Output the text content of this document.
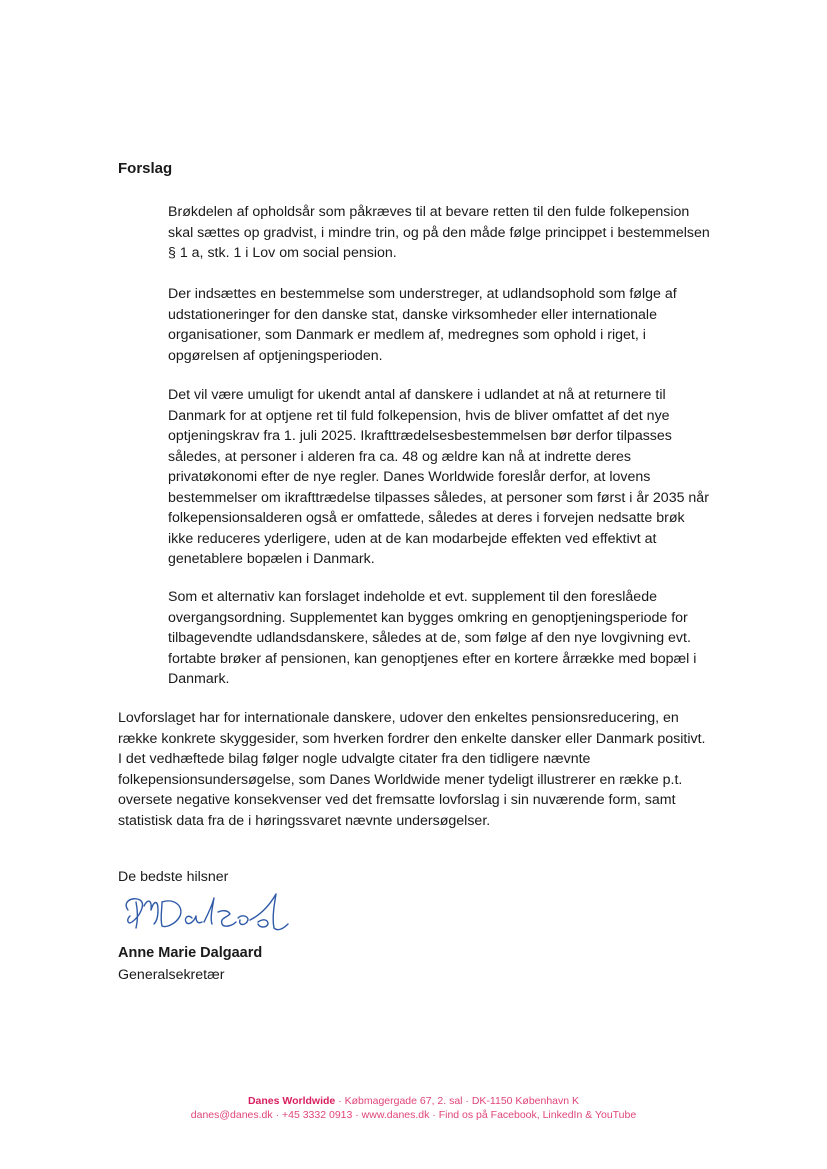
Forslag

Brøkdelen af opholdsår som påkræves til at bevare retten til den fulde folkepension skal sættes op gradvist, i mindre trin, og på den måde følge princippet i bestemmelsen § 1 a, stk. 1 i Lov om social pension.

Der indsættes en bestemmelse som understreger, at udlandsophold som følge af udstationeringer for den danske stat, danske virksomheder eller internationale organisationer, som Danmark er medlem af, medregnes som ophold i riget, i opgørelsen af optjeningsperioden.

Det vil være umuligt for ukendt antal af danskere i udlandet at nå at returnere til Danmark for at optjene ret til fuld folkepension, hvis de bliver omfattet af det nye optjeningskrav fra 1. juli 2025. Ikrafttrædelsesbestemmelsen bør derfor tilpasses således, at personer i alderen fra ca. 48 og ældre kan nå at indrette deres privatøkonomi efter de nye regler. Danes Worldwide foreslår derfor, at lovens bestemmelser om ikrafttrædelse tilpasses således, at personer som først i år 2035 når folkepensionsalderen også er omfattede, således at deres i forvejen nedsatte brøk ikke reduceres yderligere, uden at de kan modarbejde effekten ved effektivt at genetablere bopælen i Danmark.

Som et alternativ kan forslaget indeholde et evt. supplement til den foreslåede overgangsordning. Supplementet kan bygges omkring en genoptjeningsperiode for tilbagevendte udlandsdanskere, således at de, som følge af den nye lovgivning evt. fortabte brøker af pensionen, kan genoptjenes efter en kortere årrække med bopæl i Danmark.

Lovforslaget har for internationale danskere, udover den enkeltes pensionsreducering, en række konkrete skyggesider, som hverken fordrer den enkelte dansker eller Danmark positivt. I det vedhæftede bilag følger nogle udvalgte citater fra den tidligere nævnte folkepensionsundersøgelse, som Danes Worldwide mener tydeligt illustrerer en række p.t. oversete negative konsekvenser ved det fremsatte lovforslag i sin nuværende form, samt statistisk data fra de i høringssvaret nævnte undersøgelser.

De bedste hilsner

Anne Marie Dalgaard

Generalsekretær

Danes Worldwide · Købmagergade 67, 2. sal · DK-1150 København K
danes@danes.dk · +45 3332 0913 · www.danes.dk · Find os på Facebook, LinkedIn & YouTube
